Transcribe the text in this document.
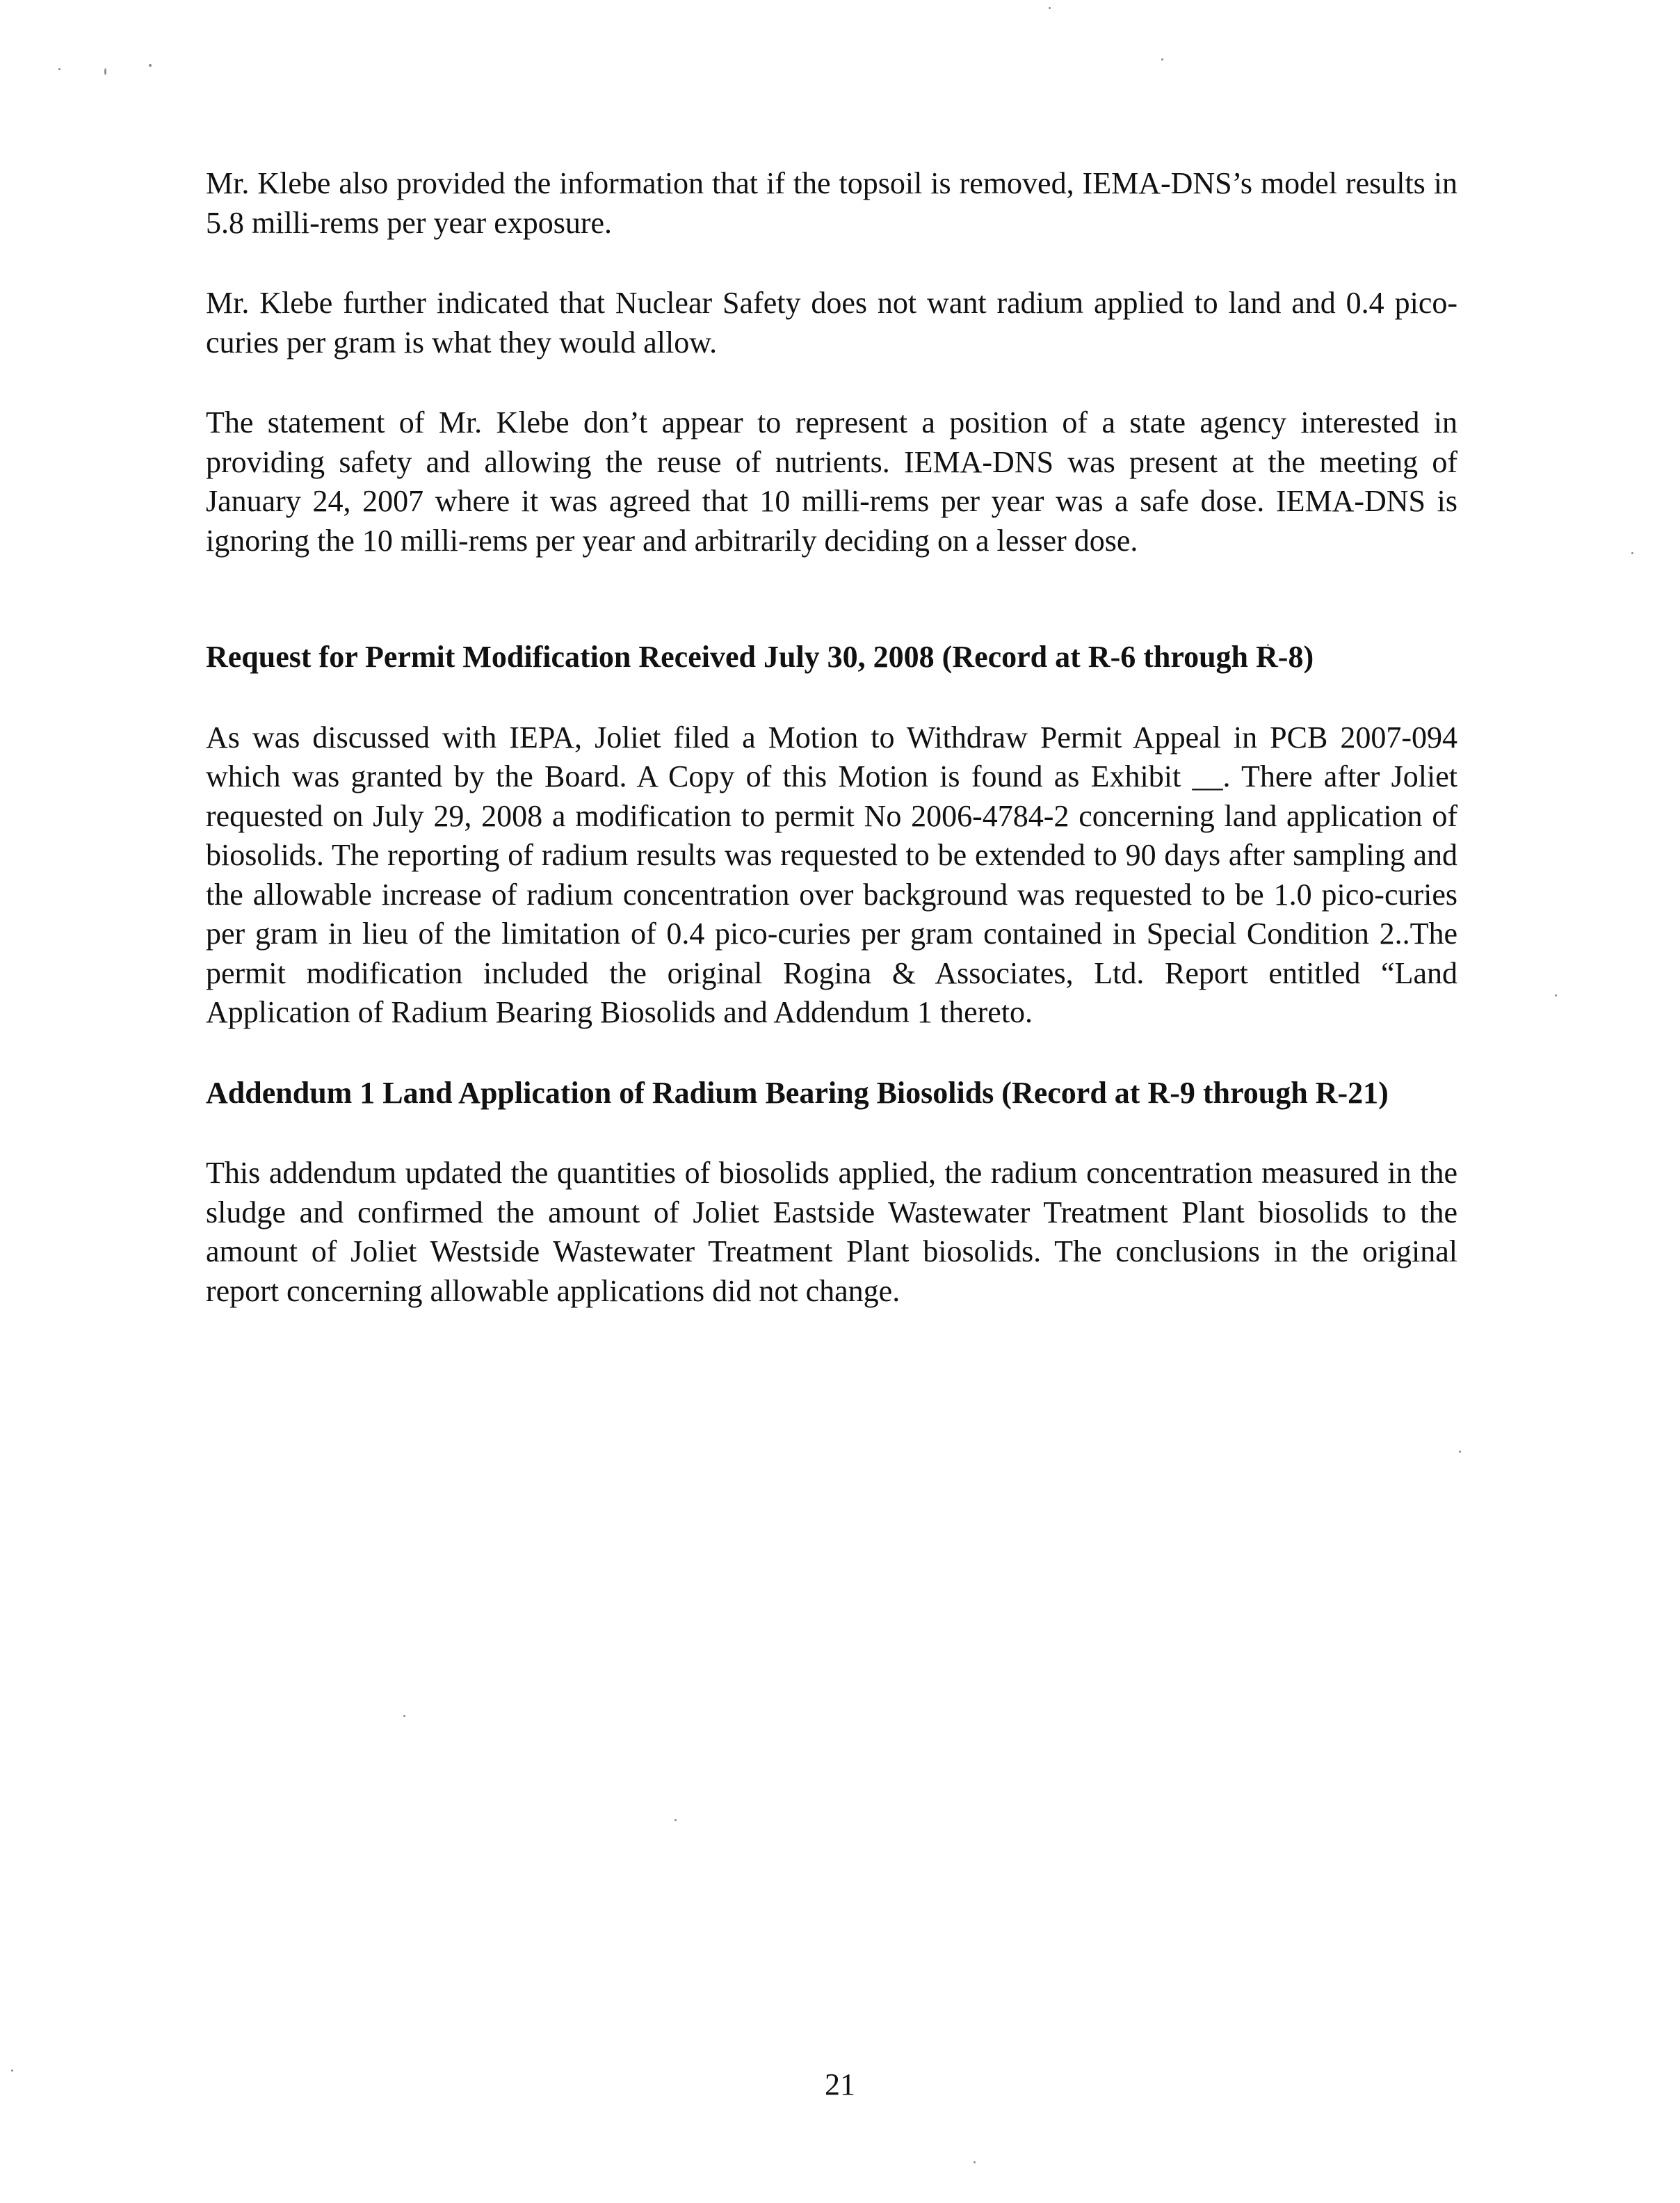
Mr. Klebe also provided the information that if the topsoil is removed, IEMA-DNS’s model results in 5.8 milli-rems per year exposure.

Mr. Klebe further indicated that Nuclear Safety does not want radium applied to land and 0.4 pico-curies per gram is what they would allow.

The statement of Mr. Klebe don’t appear to represent a position of a state agency interested in providing safety and allowing the reuse of nutrients. IEMA-DNS was present at the meeting of January 24, 2007 where it was agreed that 10 milli-rems per year was a safe dose. IEMA-DNS is ignoring the 10 milli-rems per year and arbitrarily deciding on a lesser dose.

Request for Permit Modification Received July 30, 2008 (Record at R-6 through R-8)

As was discussed with IEPA, Joliet filed a Motion to Withdraw Permit Appeal in PCB 2007-094 which was granted by the Board. A Copy of this Motion is found as Exhibit __. There after Joliet requested on July 29, 2008 a modification to permit No 2006-4784-2 concerning land application of biosolids. The reporting of radium results was requested to be extended to 90 days after sampling and the allowable increase of radium concentration over background was requested to be 1.0 pico-curies per gram in lieu of the limitation of 0.4 pico-curies per gram contained in Special Condition 2..The permit modification included the original Rogina & Associates, Ltd. Report entitled “Land Application of Radium Bearing Biosolids and Addendum 1 thereto.

Addendum 1 Land Application of Radium Bearing Biosolids (Record at R-9 through R-21)

This addendum updated the quantities of biosolids applied, the radium concentration measured in the sludge and confirmed the amount of Joliet Eastside Wastewater Treatment Plant biosolids to the amount of Joliet Westside Wastewater Treatment Plant biosolids. The conclusions in the original report concerning allowable applications did not change.

21
